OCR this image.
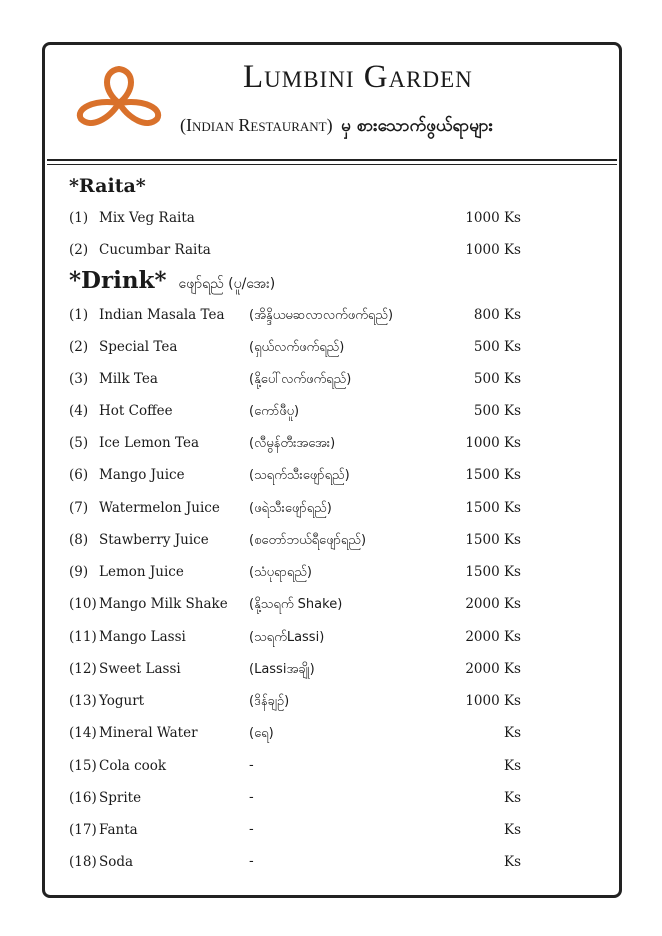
Lumbini Garden
(Indian Restaurant) မှ စားသောက်ဖွယ်ရာများ
*Raita*
(1) Mix Veg Raita	1000 Ks
(2) Cucumbar Raita	1000 Ks
*Drink* ဖျော်ရည် (ပူ/အေး)
(1) Indian Masala Tea (အိန္ဒိယမဆလာလက်ဖက်ရည်)	800 Ks
(2) Special Tea	(ရှယ်လက်ဖက်ရည်)	500 Ks
(3) Milk Tea	(နို့ပေါ်လက်ဖက်ရည်)	500 Ks
(4) Hot Coffee	(ကော်ဖီပူ)	500 Ks
(5) Ice Lemon Tea	(လီမွန်တီးအအေး)	1000 Ks
(6) Mango Juice	(သရက်သီးဖျော်ရည်)	1500 Ks
(7) Watermelon Juice (ဖရဲသီးဖျော်ရည်)	1500 Ks
(8) Stawberry Juice	(စတော်ဘယ်ရီဖျော်ရည်)	1500 Ks
(9) Lemon Juice	(သံပုရာရည်)	1500 Ks
(10) Mango Milk Shake (နို့သရက် Shake)	2000 Ks
(11) Mango Lassi	(သရက်Lassi)	2000 Ks
(12) Sweet Lassi	(Lassiအချို)	2000 Ks
(13) Yogurt	(ဒိန်ချဉ်)	1000 Ks
(14) Mineral Water	(ရေ)	Ks
(15) Cola cook	-	Ks
(16) Sprite	-	Ks
(17) Fanta	-	Ks
(18) Soda	-	Ks
